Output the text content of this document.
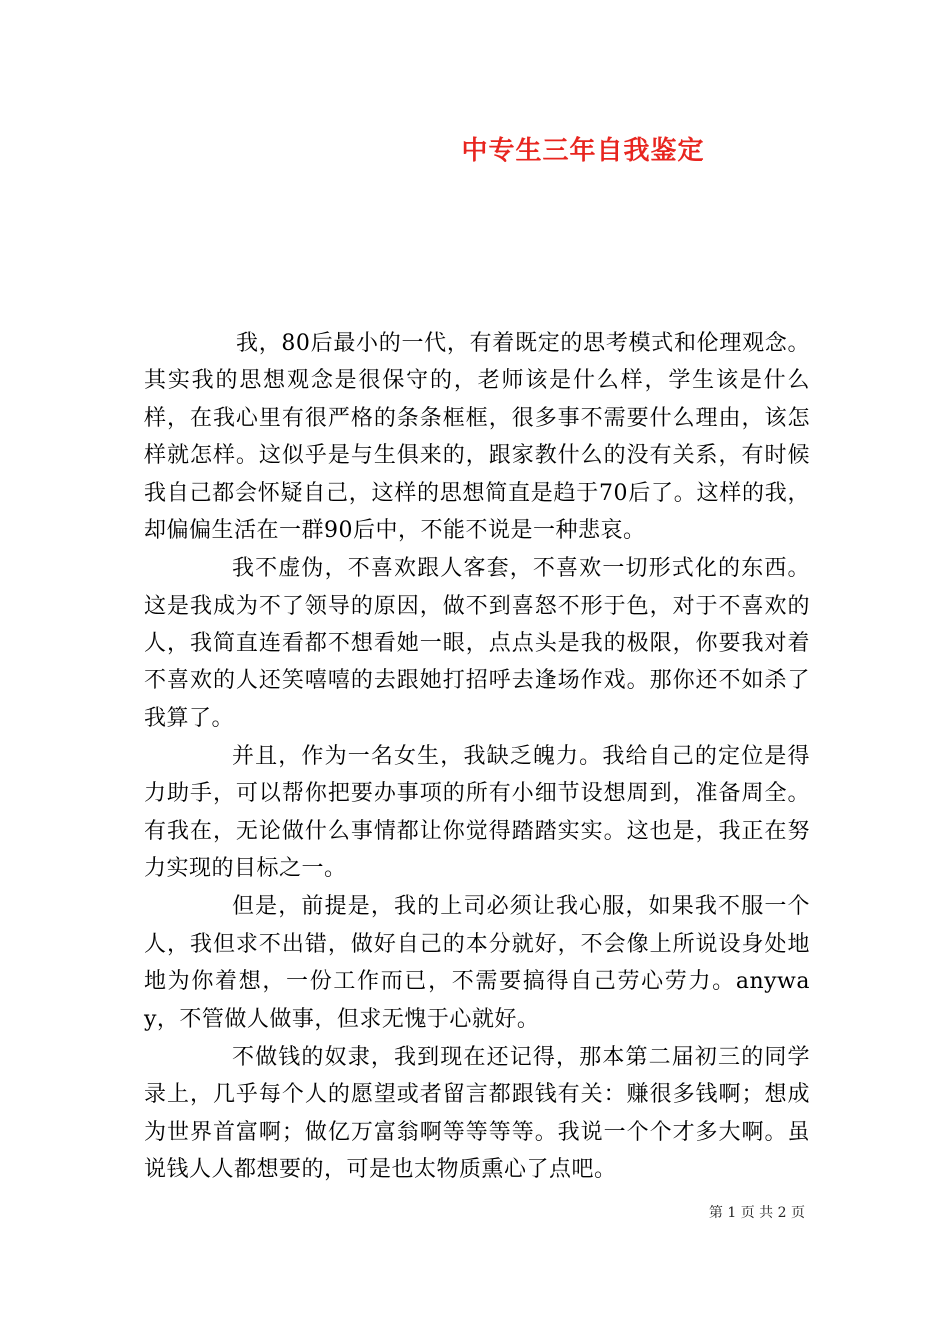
中专生三年自我鉴定

我，80后最小的一代，有着既定的思考模式和伦理观念。其实我的思想观念是很保守的，老师该是什么样，学生该是什么样，在我心里有很严格的条条框框，很多事不需要什么理由，该怎样就怎样。这似乎是与生俱来的，跟家教什么的没有关系，有时候我自己都会怀疑自己，这样的思想简直是趋于70后了。这样的我，却偏偏生活在一群90后中，不能不说是一种悲哀。

我不虚伪，不喜欢跟人客套，不喜欢一切形式化的东西。这是我成为不了领导的原因，做不到喜怒不形于色，对于不喜欢的人，我简直连看都不想看她一眼，点点头是我的极限，你要我对着不喜欢的人还笑嘻嘻的去跟她打招呼去逢场作戏。那你还不如杀了我算了。

并且，作为一名女生，我缺乏魄力。我给自己的定位是得力助手，可以帮你把要办事项的所有小细节设想周到，准备周全。有我在，无论做什么事情都让你觉得踏踏实实。这也是，我正在努力实现的目标之一。

但是，前提是，我的上司必须让我心服，如果我不服一个人，我但求不出错，做好自己的本分就好，不会像上所说设身处地地为你着想，一份工作而已，不需要搞得自己劳心劳力。anyway，不管做人做事，但求无愧于心就好。

不做钱的奴隶，我到现在还记得，那本第二届初三的同学录上，几乎每个人的愿望或者留言都跟钱有关：赚很多钱啊；想成为世界首富啊；做亿万富翁啊等等等等。我说一个个才多大啊。虽说钱人人都想要的，可是也太物质熏心了点吧。

第 1 页 共 2 页
